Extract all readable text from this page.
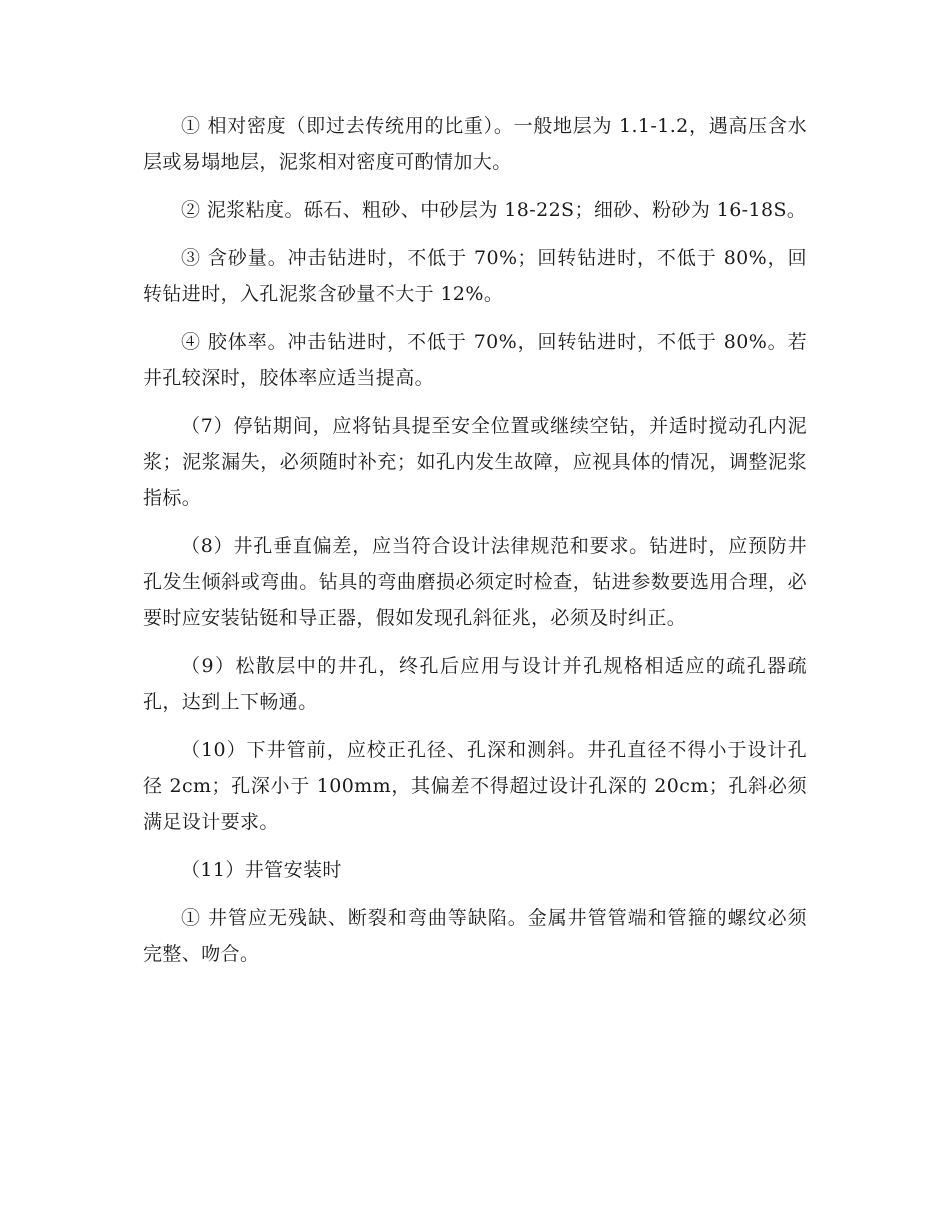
① 相对密度（即过去传统用的比重）。一般地层为 1.1-1.2，遇高压含水层或易塌地层，泥浆相对密度可酌情加大。

② 泥浆粘度。砾石、粗砂、中砂层为 18-22S；细砂、粉砂为 16-18S。

③ 含砂量。冲击钻进时，不低于 70%；回转钻进时，不低于 80%，回转钻进时，入孔泥浆含砂量不大于 12%。

④ 胶体率。冲击钻进时，不低于 70%，回转钻进时，不低于 80%。若井孔较深时，胶体率应适当提高。

（7）停钻期间，应将钻具提至安全位置或继续空钻，并适时搅动孔内泥浆；泥浆漏失，必须随时补充；如孔内发生故障，应视具体的情况，调整泥浆指标。

（8）井孔垂直偏差，应当符合设计法律规范和要求。钻进时，应预防井孔发生倾斜或弯曲。钻具的弯曲磨损必须定时检查，钻进参数要选用合理，必要时应安装钻铤和导正器，假如发现孔斜征兆，必须及时纠正。

（9）松散层中的井孔，终孔后应用与设计并孔规格相适应的疏孔器疏孔，达到上下畅通。

（10）下井管前，应校正孔径、孔深和测斜。井孔直径不得小于设计孔径 2cm；孔深小于 100mm，其偏差不得超过设计孔深的 20cm；孔斜必须满足设计要求。

（11）井管安装时

① 井管应无残缺、断裂和弯曲等缺陷。金属井管管端和管箍的螺纹必须完整、吻合。
